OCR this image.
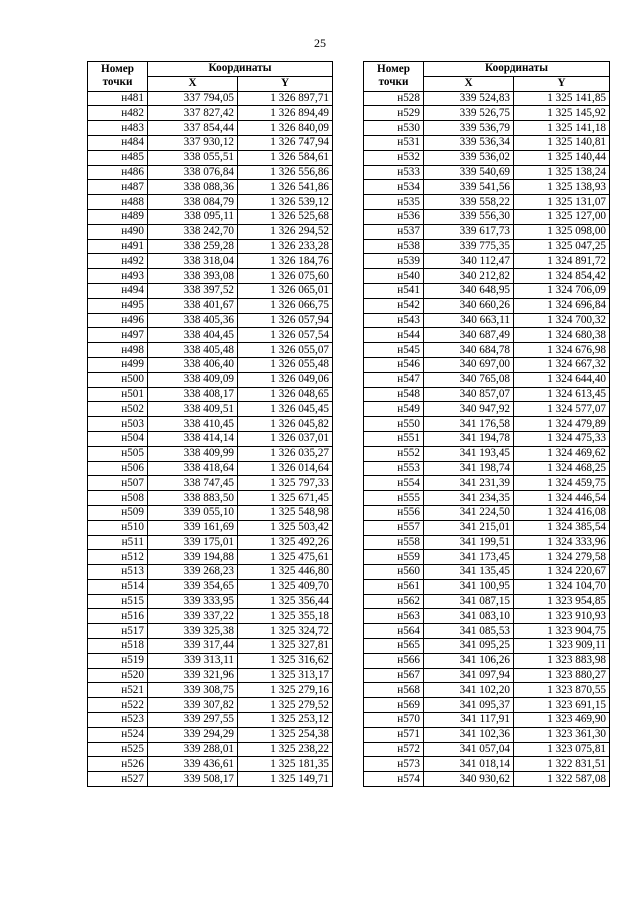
25
Номер
точки	Координаты	
	X	Y
н481	337 794,05	1 326 897,71
н482	337 827,42	1 326 894,49
н483	337 854,44	1 326 840,09
н484	337 930,12	1 326 747,94
н485	338 055,51	1 326 584,61
н486	338 076,84	1 326 556,86
н487	338 088,36	1 326 541,86
н488	338 084,79	1 326 539,12
н489	338 095,11	1 326 525,68
н490	338 242,70	1 326 294,52
н491	338 259,28	1 326 233,28
н492	338 318,04	1 326 184,76
н493	338 393,08	1 326 075,60
н494	338 397,52	1 326 065,01
н495	338 401,67	1 326 066,75
н496	338 405,36	1 326 057,94
н497	338 404,45	1 326 057,54
н498	338 405,48	1 326 055,07
н499	338 406,40	1 326 055,48
н500	338 409,09	1 326 049,06
н501	338 408,17	1 326 048,65
н502	338 409,51	1 326 045,45
н503	338 410,45	1 326 045,82
н504	338 414,14	1 326 037,01
н505	338 409,99	1 326 035,27
н506	338 418,64	1 326 014,64
н507	338 747,45	1 325 797,33
н508	338 883,50	1 325 671,45
н509	339 055,10	1 325 548,98
н510	339 161,69	1 325 503,42
н511	339 175,01	1 325 492,26
н512	339 194,88	1 325 475,61
н513	339 268,23	1 325 446,80
н514	339 354,65	1 325 409,70
н515	339 333,95	1 325 356,44
н516	339 337,22	1 325 355,18
н517	339 325,38	1 325 324,72
н518	339 317,44	1 325 327,81
н519	339 313,11	1 325 316,62
н520	339 321,96	1 325 313,17
н521	339 308,75	1 325 279,16
н522	339 307,82	1 325 279,52
н523	339 297,55	1 325 253,12
н524	339 294,29	1 325 254,38
н525	339 288,01	1 325 238,22
н526	339 436,61	1 325 181,35
н527	339 508,17	1 325 149,71
Номер
точки	Координаты	
	X	Y
н528	339 524,83	1 325 141,85
н529	339 526,75	1 325 145,92
н530	339 536,79	1 325 141,18
н531	339 536,34	1 325 140,81
н532	339 536,02	1 325 140,44
н533	339 540,69	1 325 138,24
н534	339 541,56	1 325 138,93
н535	339 558,22	1 325 131,07
н536	339 556,30	1 325 127,00
н537	339 617,73	1 325 098,00
н538	339 775,35	1 325 047,25
н539	340 112,47	1 324 891,72
н540	340 212,82	1 324 854,42
н541	340 648,95	1 324 706,09
н542	340 660,26	1 324 696,84
н543	340 663,11	1 324 700,32
н544	340 687,49	1 324 680,38
н545	340 684,78	1 324 676,98
н546	340 697,00	1 324 667,32
н547	340 765,08	1 324 644,40
н548	340 857,07	1 324 613,45
н549	340 947,92	1 324 577,07
н550	341 176,58	1 324 479,89
н551	341 194,78	1 324 475,33
н552	341 193,45	1 324 469,62
н553	341 198,74	1 324 468,25
н554	341 231,39	1 324 459,75
н555	341 234,35	1 324 446,54
н556	341 224,50	1 324 416,08
н557	341 215,01	1 324 385,54
н558	341 199,51	1 324 333,96
н559	341 173,45	1 324 279,58
н560	341 135,45	1 324 220,67
н561	341 100,95	1 324 104,70
н562	341 087,15	1 323 954,85
н563	341 083,10	1 323 910,93
н564	341 085,53	1 323 904,75
н565	341 095,25	1 323 909,11
н566	341 106,26	1 323 883,98
н567	341 097,94	1 323 880,27
н568	341 102,20	1 323 870,55
н569	341 095,37	1 323 691,15
н570	341 117,91	1 323 469,90
н571	341 102,36	1 323 361,30
н572	341 057,04	1 323 075,81
н573	341 018,14	1 322 831,51
н574	340 930,62	1 322 587,08
